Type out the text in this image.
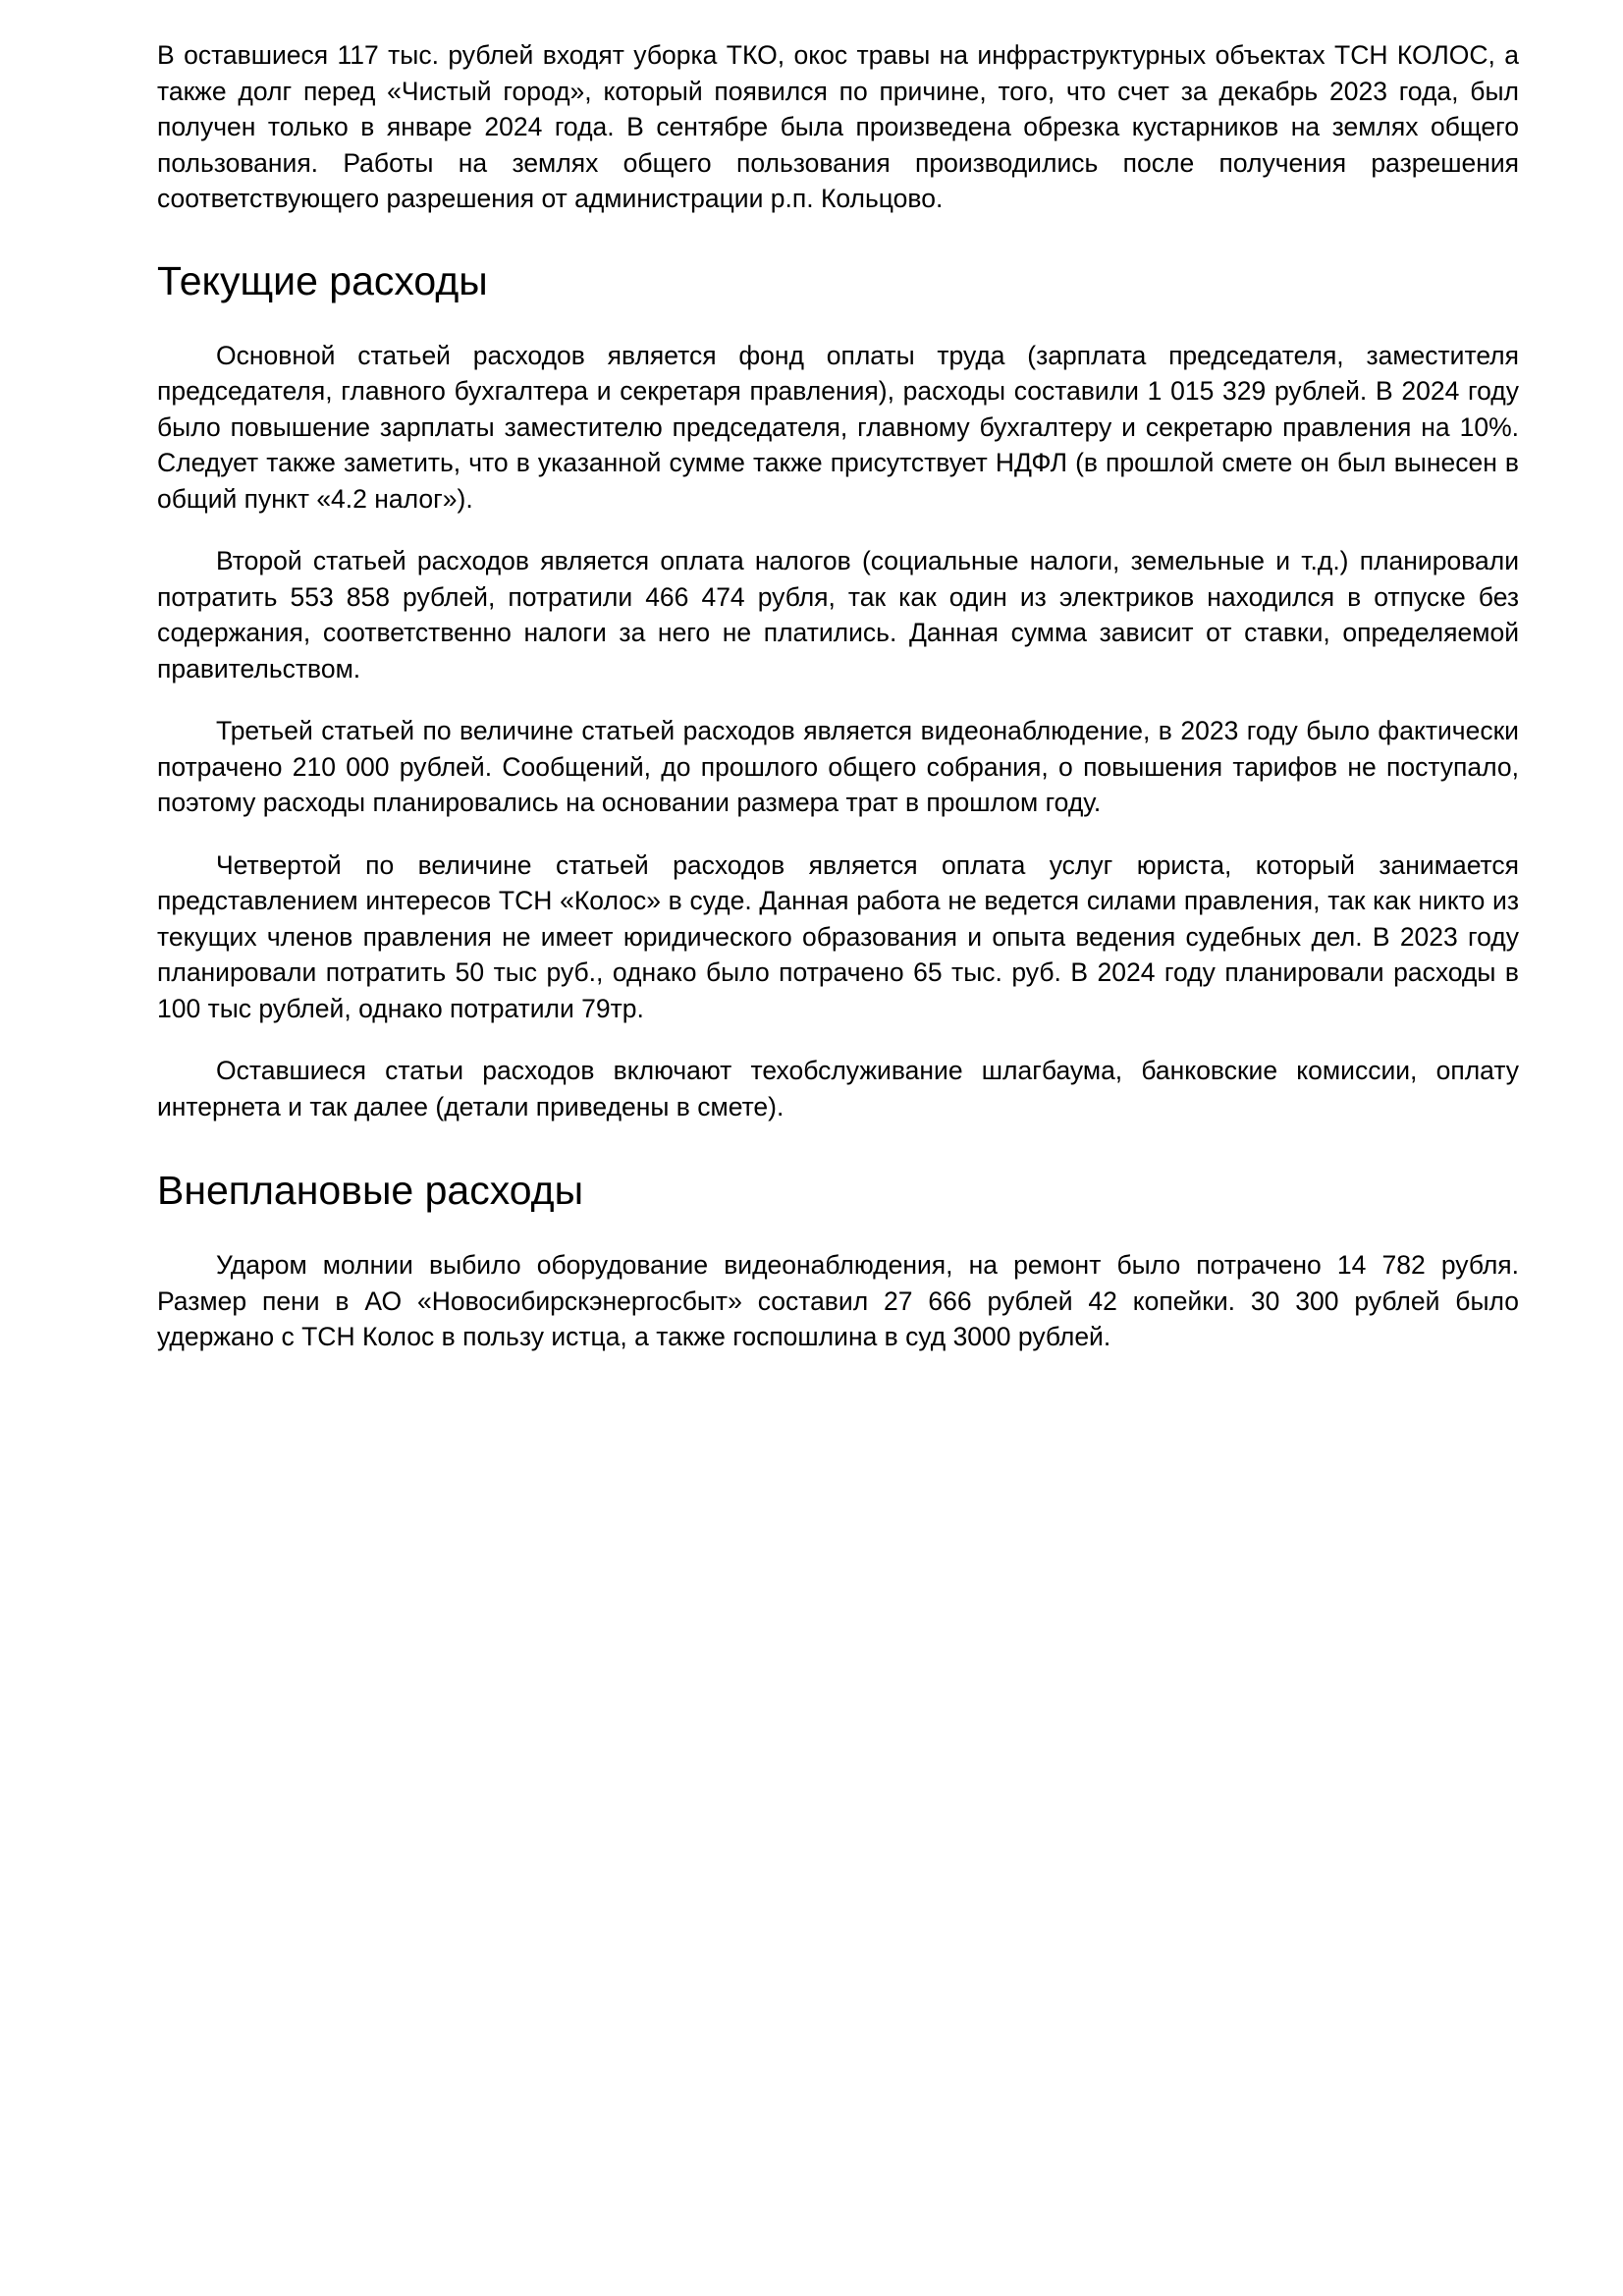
В оставшиеся 117 тыс. рублей входят уборка ТКО, окос травы на инфраструктурных объектах ТСН КОЛОС, а также долг перед «Чистый город», который появился по причине, того, что счет за декабрь 2023 года, был получен только в январе 2024 года. В сентябре была произведена обрезка кустарников на землях общего пользования. Работы на землях общего пользования производились после получения разрешения соответствующего разрешения от администрации р.п. Кольцово.

Текущие расходы

Основной статьей расходов является фонд оплаты труда (зарплата председателя, заместителя председателя, главного бухгалтера и секретаря правления), расходы составили 1 015 329 рублей. В 2024 году было повышение зарплаты заместителю председателя, главному бухгалтеру и секретарю правления на 10%. Следует также заметить, что в указанной сумме также присутствует НДФЛ (в прошлой смете он был вынесен в общий пункт «4.2 налог»).

Второй статьей расходов является оплата налогов (социальные налоги, земельные и т.д.) планировали потратить 553 858 рублей, потратили 466 474 рубля, так как один из электриков находился в отпуске без содержания, соответственно налоги за него не платились. Данная сумма зависит от ставки, определяемой правительством.

Третьей статьей по величине статьей расходов является видеонаблюдение, в 2023 году было фактически потрачено 210 000 рублей. Сообщений, до прошлого общего собрания, о повышения тарифов не поступало, поэтому расходы планировались на основании размера трат в прошлом году.

Четвертой по величине статьей расходов является оплата услуг юриста, который занимается представлением интересов ТСН «Колос» в суде. Данная работа не ведется силами правления, так как никто из текущих членов правления не имеет юридического образования и опыта ведения судебных дел. В 2023 году планировали потратить 50 тыс руб., однако было потрачено 65 тыс. руб. В 2024 году планировали расходы в 100 тыс рублей, однако потратили 79тр.

Оставшиеся статьи расходов включают техобслуживание шлагбаума, банковские комиссии, оплату интернета и так далее (детали приведены в смете).

Внеплановые расходы

Ударом молнии выбило оборудование видеонаблюдения, на ремонт было потрачено 14 782 рубля. Размер пени в АО «Новосибирскэнергосбыт» составил 27 666 рублей 42 копейки. 30 300 рублей было удержано с ТСН Колос в пользу истца, а также госпошлина в суд 3000 рублей.
